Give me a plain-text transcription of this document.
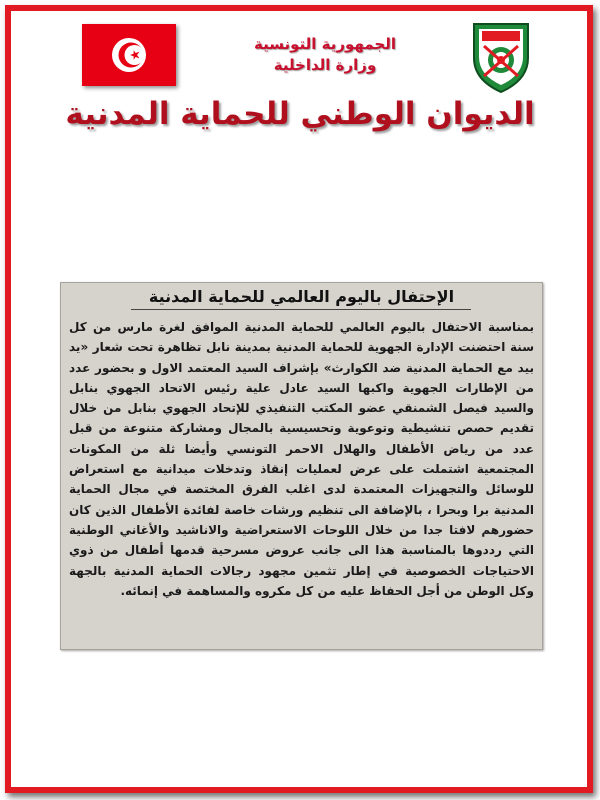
الجمهورية التونسية
وزارة الداخلية
الديوان الوطني للحماية المدنية
الإحتفال باليوم العالمي للحماية المدنية

بمناسبة الاحتفال باليوم العالمي للحماية المدنية الموافق لغرة مارس من كل سنة احتضنت الإدارة الجهوية للحماية المدنية بمدينة نابل تظاهرة تحت شعار «يد بيد مع الحماية المدنية ضد الكوارث» بإشراف السيد المعتمد الاول و بحضور عدد من الإطارات الجهوية واكبها السيد عادل علية رئيس الاتحاد الجهوي بنابل والسيد فيصل الشمنقي عضو المكتب التنفيذي للإتحاد الجهوي بنابل من خلال تقديم حصص تنشيطية وتوعوية وتحسيسية بالمجال ومشاركة متنوعة من قبل عدد من رياض الأطفال والهلال الاحمر التونسي وأيضا ثلة من المكونات المجتمعية اشتملت على عرض لعمليات إنقاذ وتدخلات ميدانية مع استعراض للوسائل والتجهيزات المعتمدة لدى اغلب الفرق المختصة في مجال الحماية المدنية برا وبحرا ، بالإضافة الى تنظيم ورشات خاصة لفائدة الأطفال الذين كان حضورهم لافتا جدا من خلال اللوحات الاستعراضية والاناشيد والأغاني الوطنية التي رددوها بالمناسبة هذا الى جانب عروض مسرحية قدمها أطفال من ذوي الاحتياجات الخصوصية في إطار تثمين مجهود رجالات الحماية المدنية بالجهة وكل الوطن من أجل الحفاظ عليه من كل مكروه والمساهمة في إنمائه.
